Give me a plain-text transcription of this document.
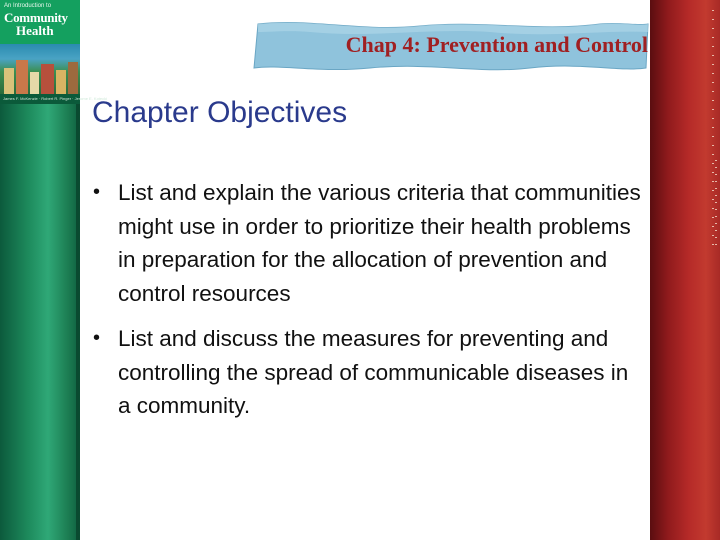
An Introduction to
Community
Health
James F. McKenzie · Robert R. Pinger · Jerome E. Kotecki
Chap 4: Prevention and Control
Chapter Objectives
• List and explain the various criteria that communities might use in order to prioritize their health problems in preparation for the allocation of prevention and control resources
• List and discuss the measures for preventing and controlling the spread of communicable diseases in a community.
